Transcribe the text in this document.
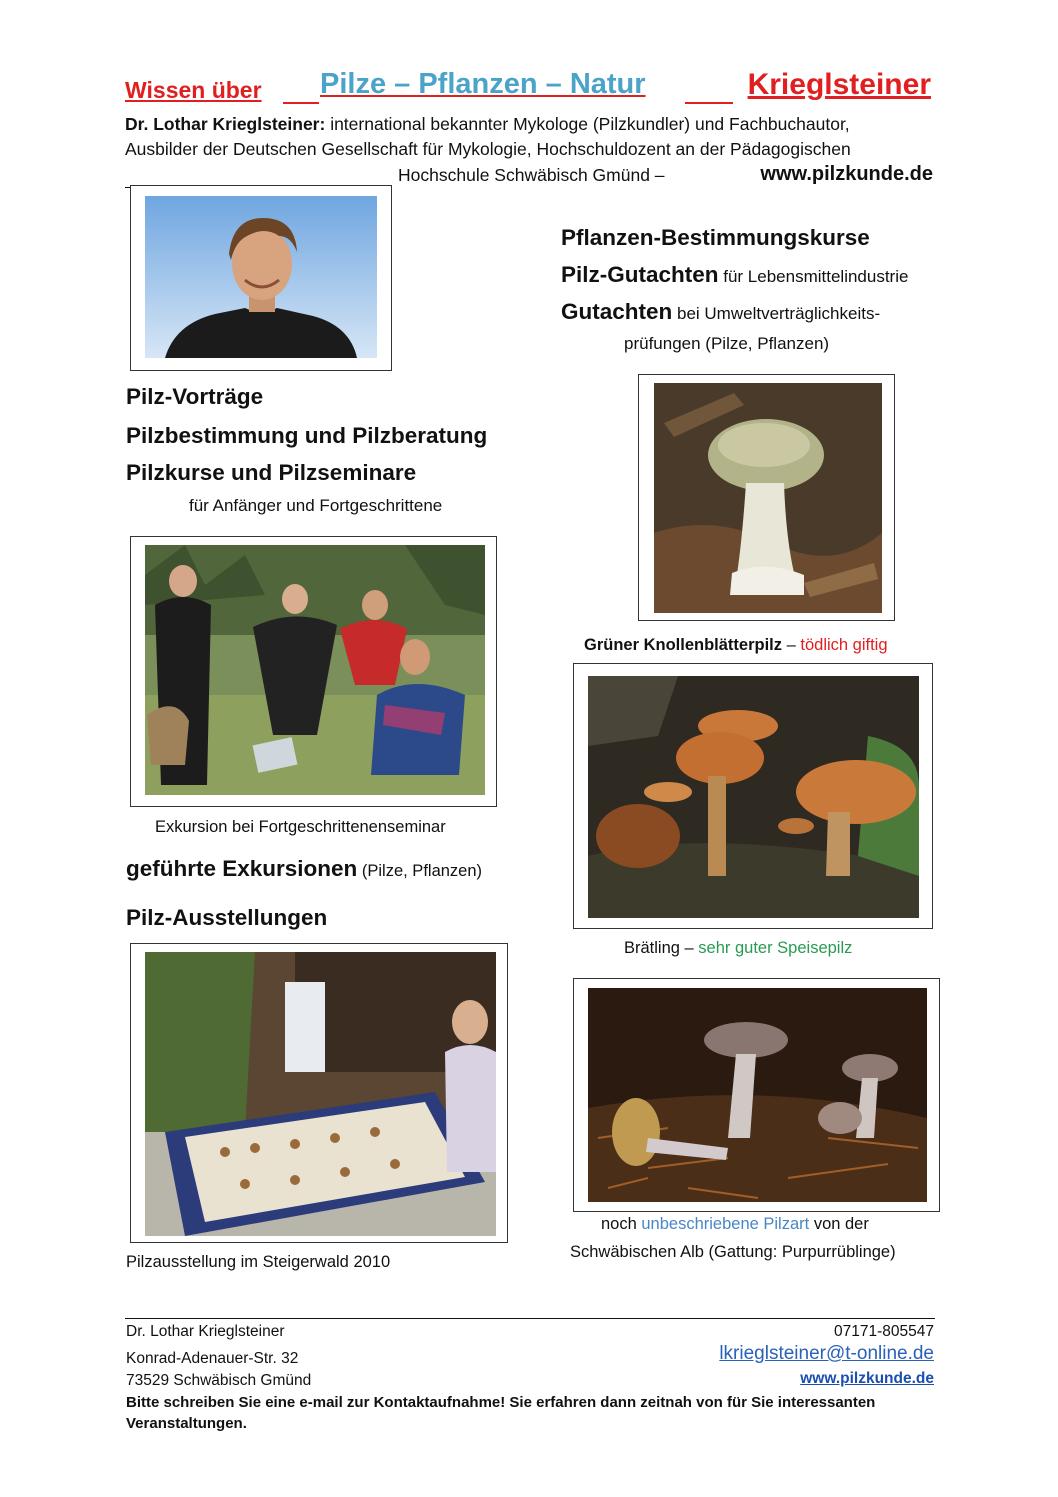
Wissen über Pilze – Pflanzen – Natur	Krieglsteiner
Dr. Lothar Krieglsteiner: international bekannter Mykologe (Pilzkundler) und Fachbuchautor,
Ausbilder der Deutschen Gesellschaft für Mykologie, Hochschuldozent an der Pädagogischen
Hochschule Schwäbisch Gmünd –	www.pilzkunde.de
Pflanzen-Bestimmungskurse
Pilz-Gutachten für Lebensmittelindustrie
Gutachten bei Umweltverträglichkeits-
prüfungen (Pilze, Pflanzen)
Pilz-Vorträge
Pilzbestimmung und Pilzberatung
Pilzkurse und Pilzseminare
für Anfänger und Fortgeschrittene
Grüner Knollenblätterpilz – tödlich giftig
Exkursion bei Fortgeschrittenenseminar
Brätling – sehr guter Speisepilz
geführte Exkursionen (Pilze, Pflanzen)
Pilz-Ausstellungen
Pilzausstellung im Steigerwald 2010
noch unbeschriebene Pilzart von der
Schwäbischen Alb (Gattung: Purpurrüblinge)
Dr. Lothar Krieglsteiner	07171-805547
Konrad-Adenauer-Str. 32	lkrieglsteiner@t-online.de
73529 Schwäbisch Gmünd	www.pilzkunde.de
Bitte schreiben Sie eine e-mail zur Kontaktaufnahme! Sie erfahren dann zeitnah von für Sie interessanten Veranstaltungen.
